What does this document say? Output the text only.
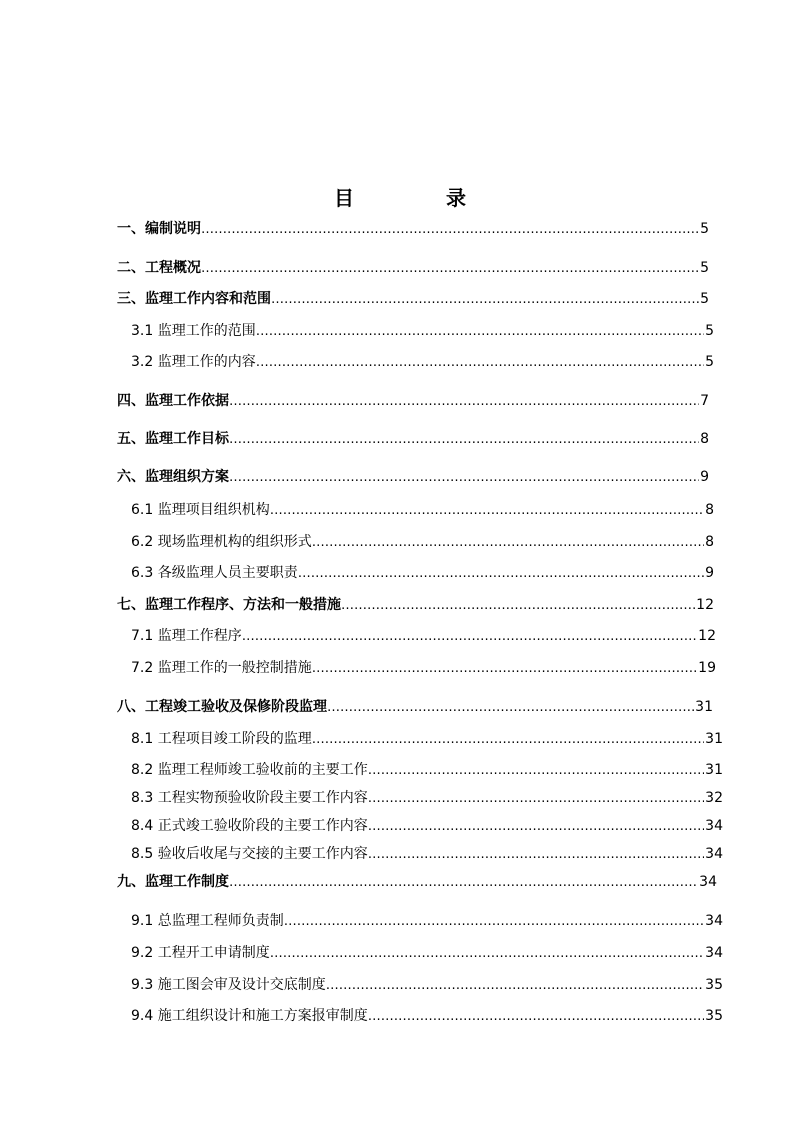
目　录
一、编制说明 ………………………………………………………………………………………………………………………………………………………………………………	5
二、工程概况 ………………………………………………………………………………………………………………………………………………………………………………	5
三、监理工作内容和范围 ………………………………………………………………………………………………………………………………………………………………………………	5
3.1 监理工作的范围 ………………………………………………………………………………………………………………………………………………………………………………	5
3.2 监理工作的内容 ………………………………………………………………………………………………………………………………………………………………………………	5
四、监理工作依据 ………………………………………………………………………………………………………………………………………………………………………………	7
五、监理工作目标 ………………………………………………………………………………………………………………………………………………………………………………	8
六、监理组织方案 ………………………………………………………………………………………………………………………………………………………………………………	9
6.1 监理项目组织机构 ………………………………………………………………………………………………………………………………………………………………………………	8
6.2 现场监理机构的组织形式 ………………………………………………………………………………………………………………………………………………………………………………	8
6.3 各级监理人员主要职责 ………………………………………………………………………………………………………………………………………………………………………………	9
七、监理工作程序、方法和一般措施 ………………………………………………………………………………………………………………………………………………………………………………	12
7.1 监理工作程序 ………………………………………………………………………………………………………………………………………………………………………………	12
7.2 监理工作的一般控制措施 ………………………………………………………………………………………………………………………………………………………………………………	19
八、工程竣工验收及保修阶段监理 ………………………………………………………………………………………………………………………………………………………………………………	31
8.1 工程项目竣工阶段的监理 ………………………………………………………………………………………………………………………………………………………………………………	31
8.2 监理工程师竣工验收前的主要工作 ………………………………………………………………………………………………………………………………………………………………………………	31
8.3 工程实物预验收阶段主要工作内容 ………………………………………………………………………………………………………………………………………………………………………………	32
8.4 正式竣工验收阶段的主要工作内容 ………………………………………………………………………………………………………………………………………………………………………………	34
8.5 验收后收尾与交接的主要工作内容 ………………………………………………………………………………………………………………………………………………………………………………	34
九、监理工作制度 ………………………………………………………………………………………………………………………………………………………………………………	34
9.1 总监理工程师负责制 ………………………………………………………………………………………………………………………………………………………………………………	34
9.2 工程开工申请制度 ………………………………………………………………………………………………………………………………………………………………………………	34
9.3 施工图会审及设计交底制度 ………………………………………………………………………………………………………………………………………………………………………………	35
9.4 施工组织设计和施工方案报审制度 ………………………………………………………………………………………………………………………………………………………………………………	35
